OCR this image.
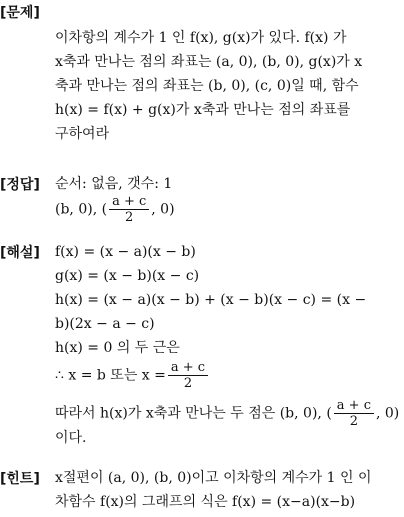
[문제]
이차항의 계수가 1 인 f(x), g(x)가 있다. f(x) 가
x축과 만나는 점의 좌표는 (a, 0), (b, 0), g(x)가 x
축과 만나는 점의 좌표는 (b, 0), (c, 0)일 때, 함수
h(x) = f(x) + g(x)가 x축과 만나는 점의 좌표를
구하여라
[정답] 순서: 없음, 갯수: 1
(b, 0), ( $\frac{a + c}{2}$ , 0)
[해설] f(x) = (x − a)(x − b)
g(x) = (x − b)(x − c)
h(x) = (x − a)(x − b) + (x − b)(x − c) = (x −
b)(2x − a − c)
h(x) = 0 의 두 근은
∴ x = b 또는 $x = \frac{a + c}{2}$
따라서 h(x)가 x축과 만나는 두 점은 (b, 0), ( $\frac{a + c}{2}$ , 0)
이다.
[힌트] x절편이 (a, 0), (b, 0)이고 이차항의 계수가 1 인 이
차함수 f(x)의 그래프의 식은 f(x) = (x−a)(x−b)
